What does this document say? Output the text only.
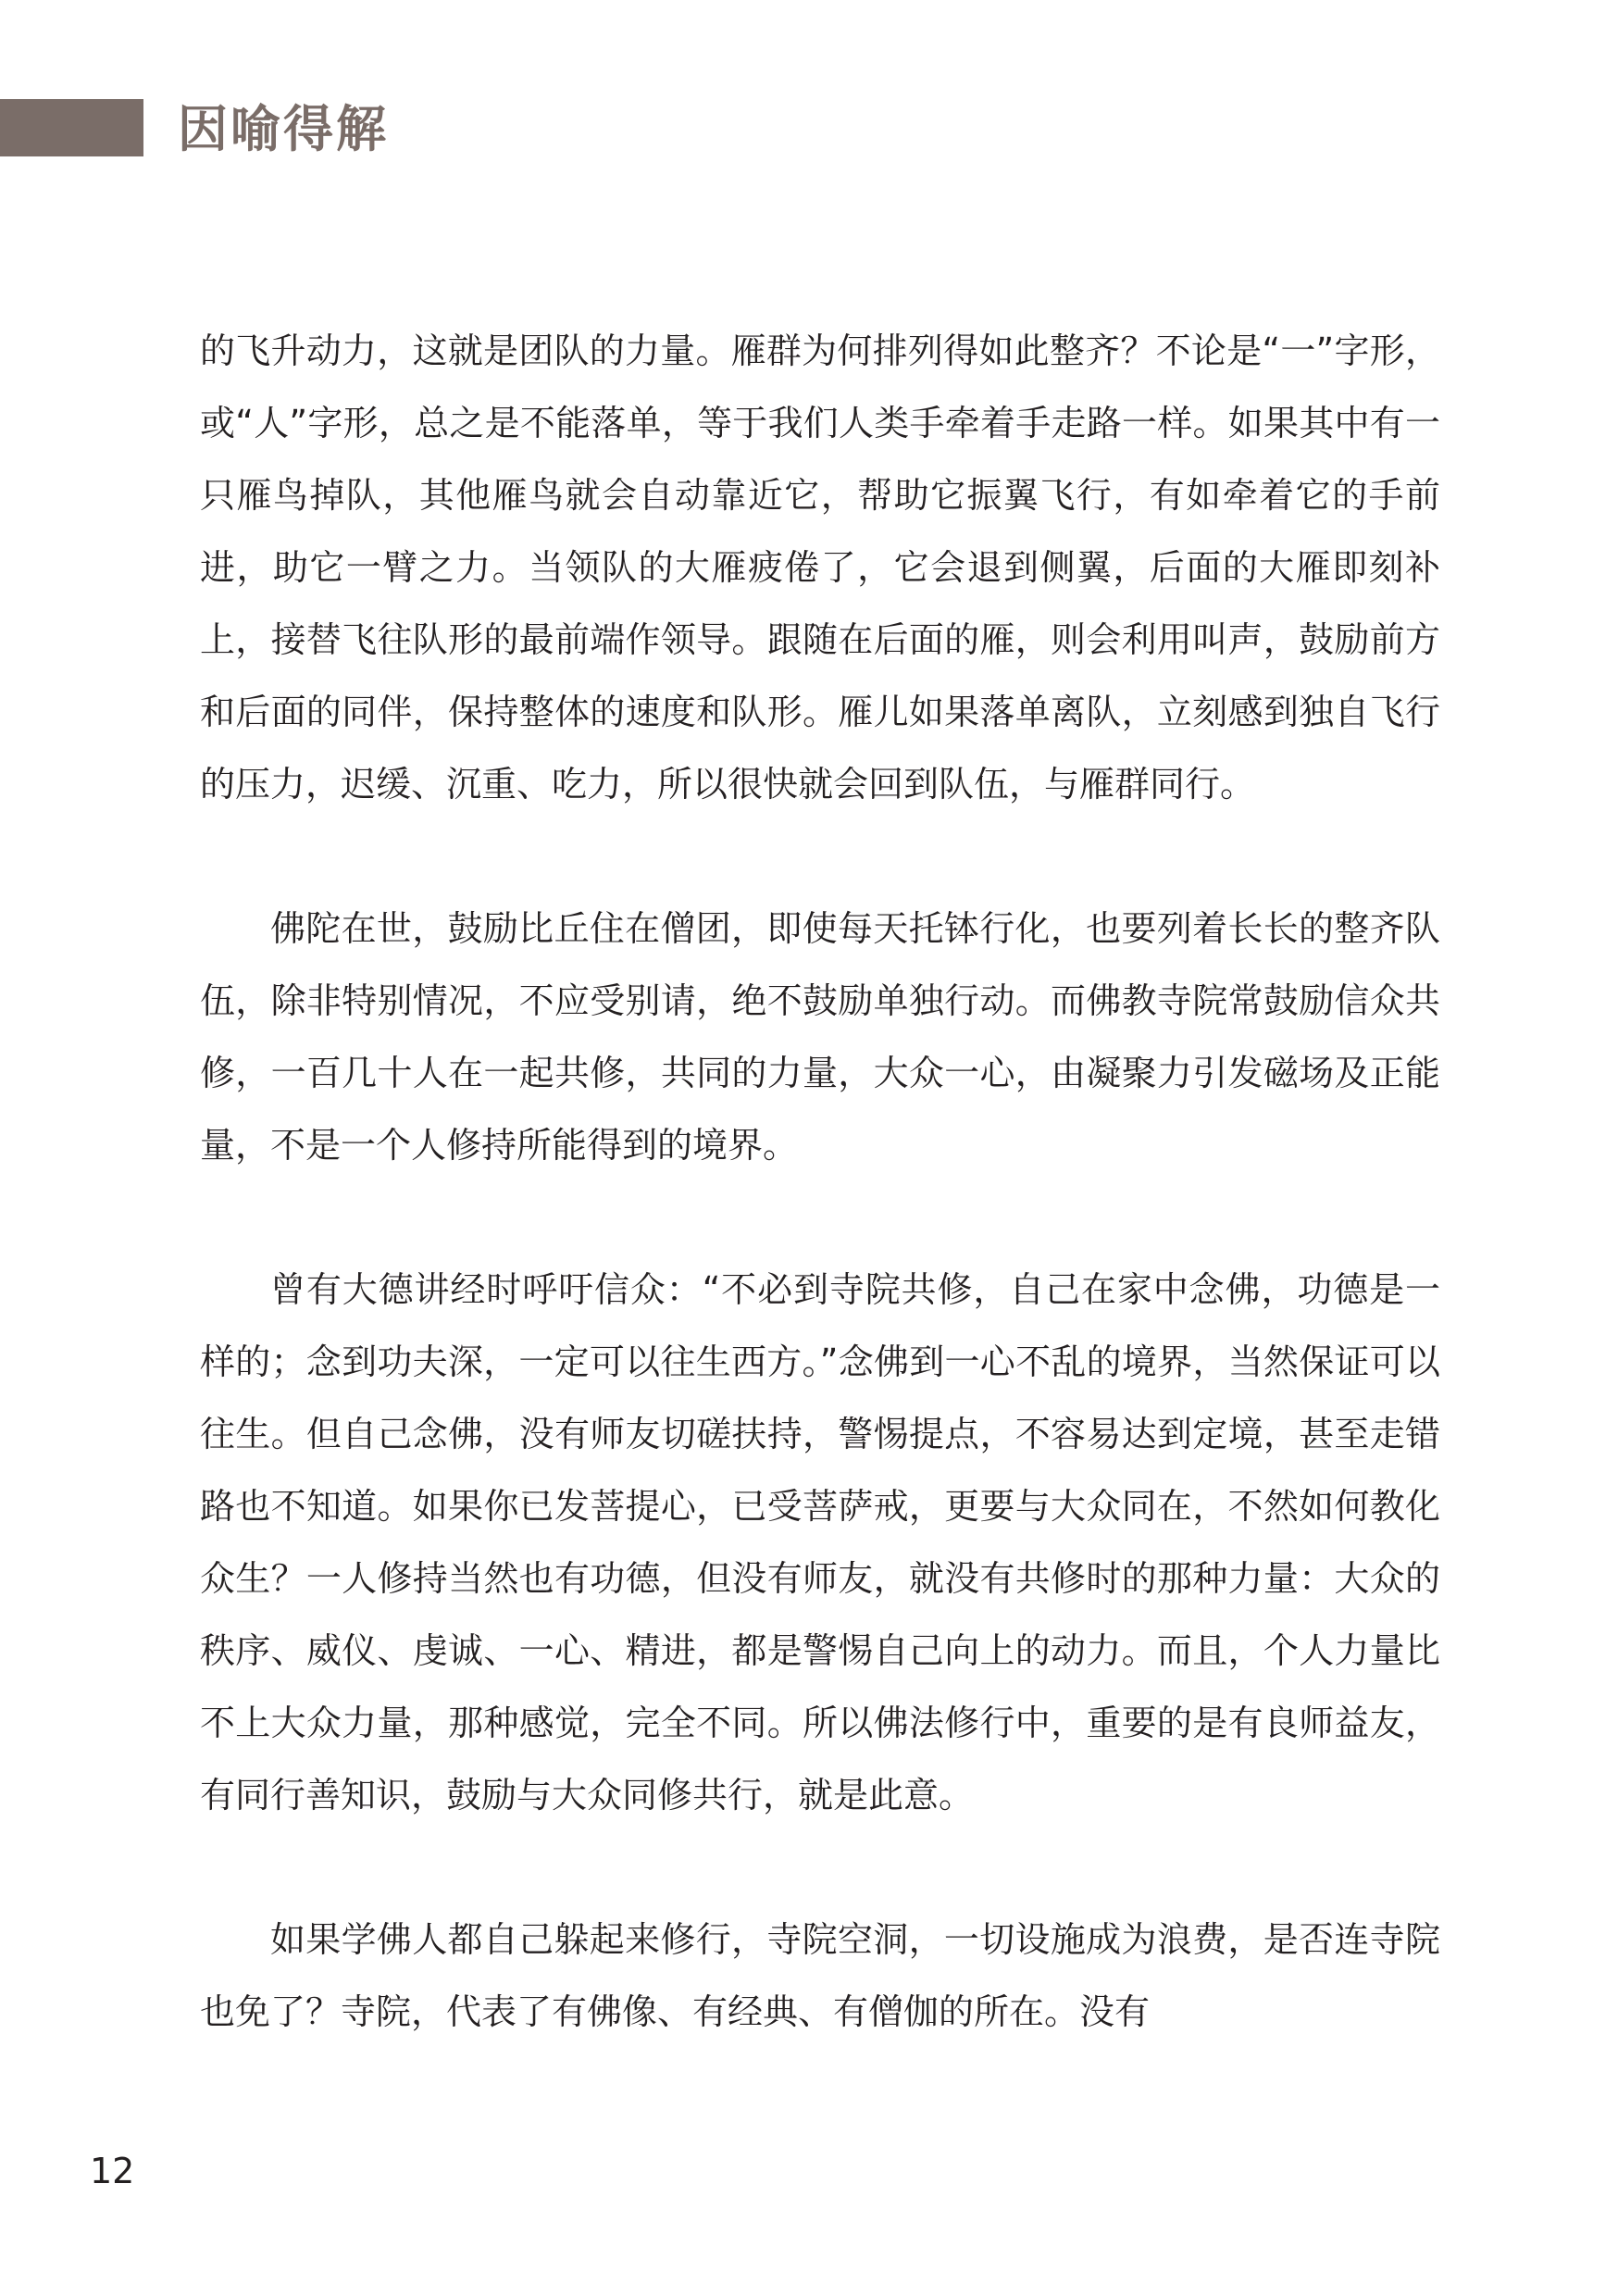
因喻得解

的飞升动力，这就是团队的力量。雁群为何排列得如此整齐？不论是“一”字形，或“人”字形，总之是不能落单，等于我们人类手牵着手走路一样。如果其中有一只雁鸟掉队，其他雁鸟就会自动靠近它，帮助它振翼飞行，有如牵着它的手前进，助它一臂之力。当领队的大雁疲倦了，它会退到侧翼，后面的大雁即刻补上，接替飞往队形的最前端作领导。跟随在后面的雁，则会利用叫声，鼓励前方和后面的同伴，保持整体的速度和队形。雁儿如果落单离队，立刻感到独自飞行的压力，迟缓、沉重、吃力，所以很快就会回到队伍，与雁群同行。

佛陀在世，鼓励比丘住在僧团，即使每天托钵行化，也要列着长长的整齐队伍，除非特别情况，不应受别请，绝不鼓励单独行动。而佛教寺院常鼓励信众共修，一百几十人在一起共修，共同的力量，大众一心，由凝聚力引发磁场及正能量，不是一个人修持所能得到的境界。

曾有大德讲经时呼吁信众：“不必到寺院共修，自己在家中念佛，功德是一样的；念到功夫深，一定可以往生西方。”念佛到一心不乱的境界，当然保证可以往生。但自己念佛，没有师友切磋扶持，警惕提点，不容易达到定境，甚至走错路也不知道。如果你已发菩提心，已受菩萨戒，更要与大众同在，不然如何教化众生？一人修持当然也有功德，但没有师友，就没有共修时的那种力量：大众的秩序、威仪、虔诚、一心、精进，都是警惕自己向上的动力。而且，个人力量比不上大众力量，那种感觉，完全不同。所以佛法修行中，重要的是有良师益友，有同行善知识，鼓励与大众同修共行，就是此意。

如果学佛人都自己躲起来修行，寺院空洞，一切设施成为浪费，是否连寺院也免了？寺院，代表了有佛像、有经典、有僧伽的所在。没有

12
